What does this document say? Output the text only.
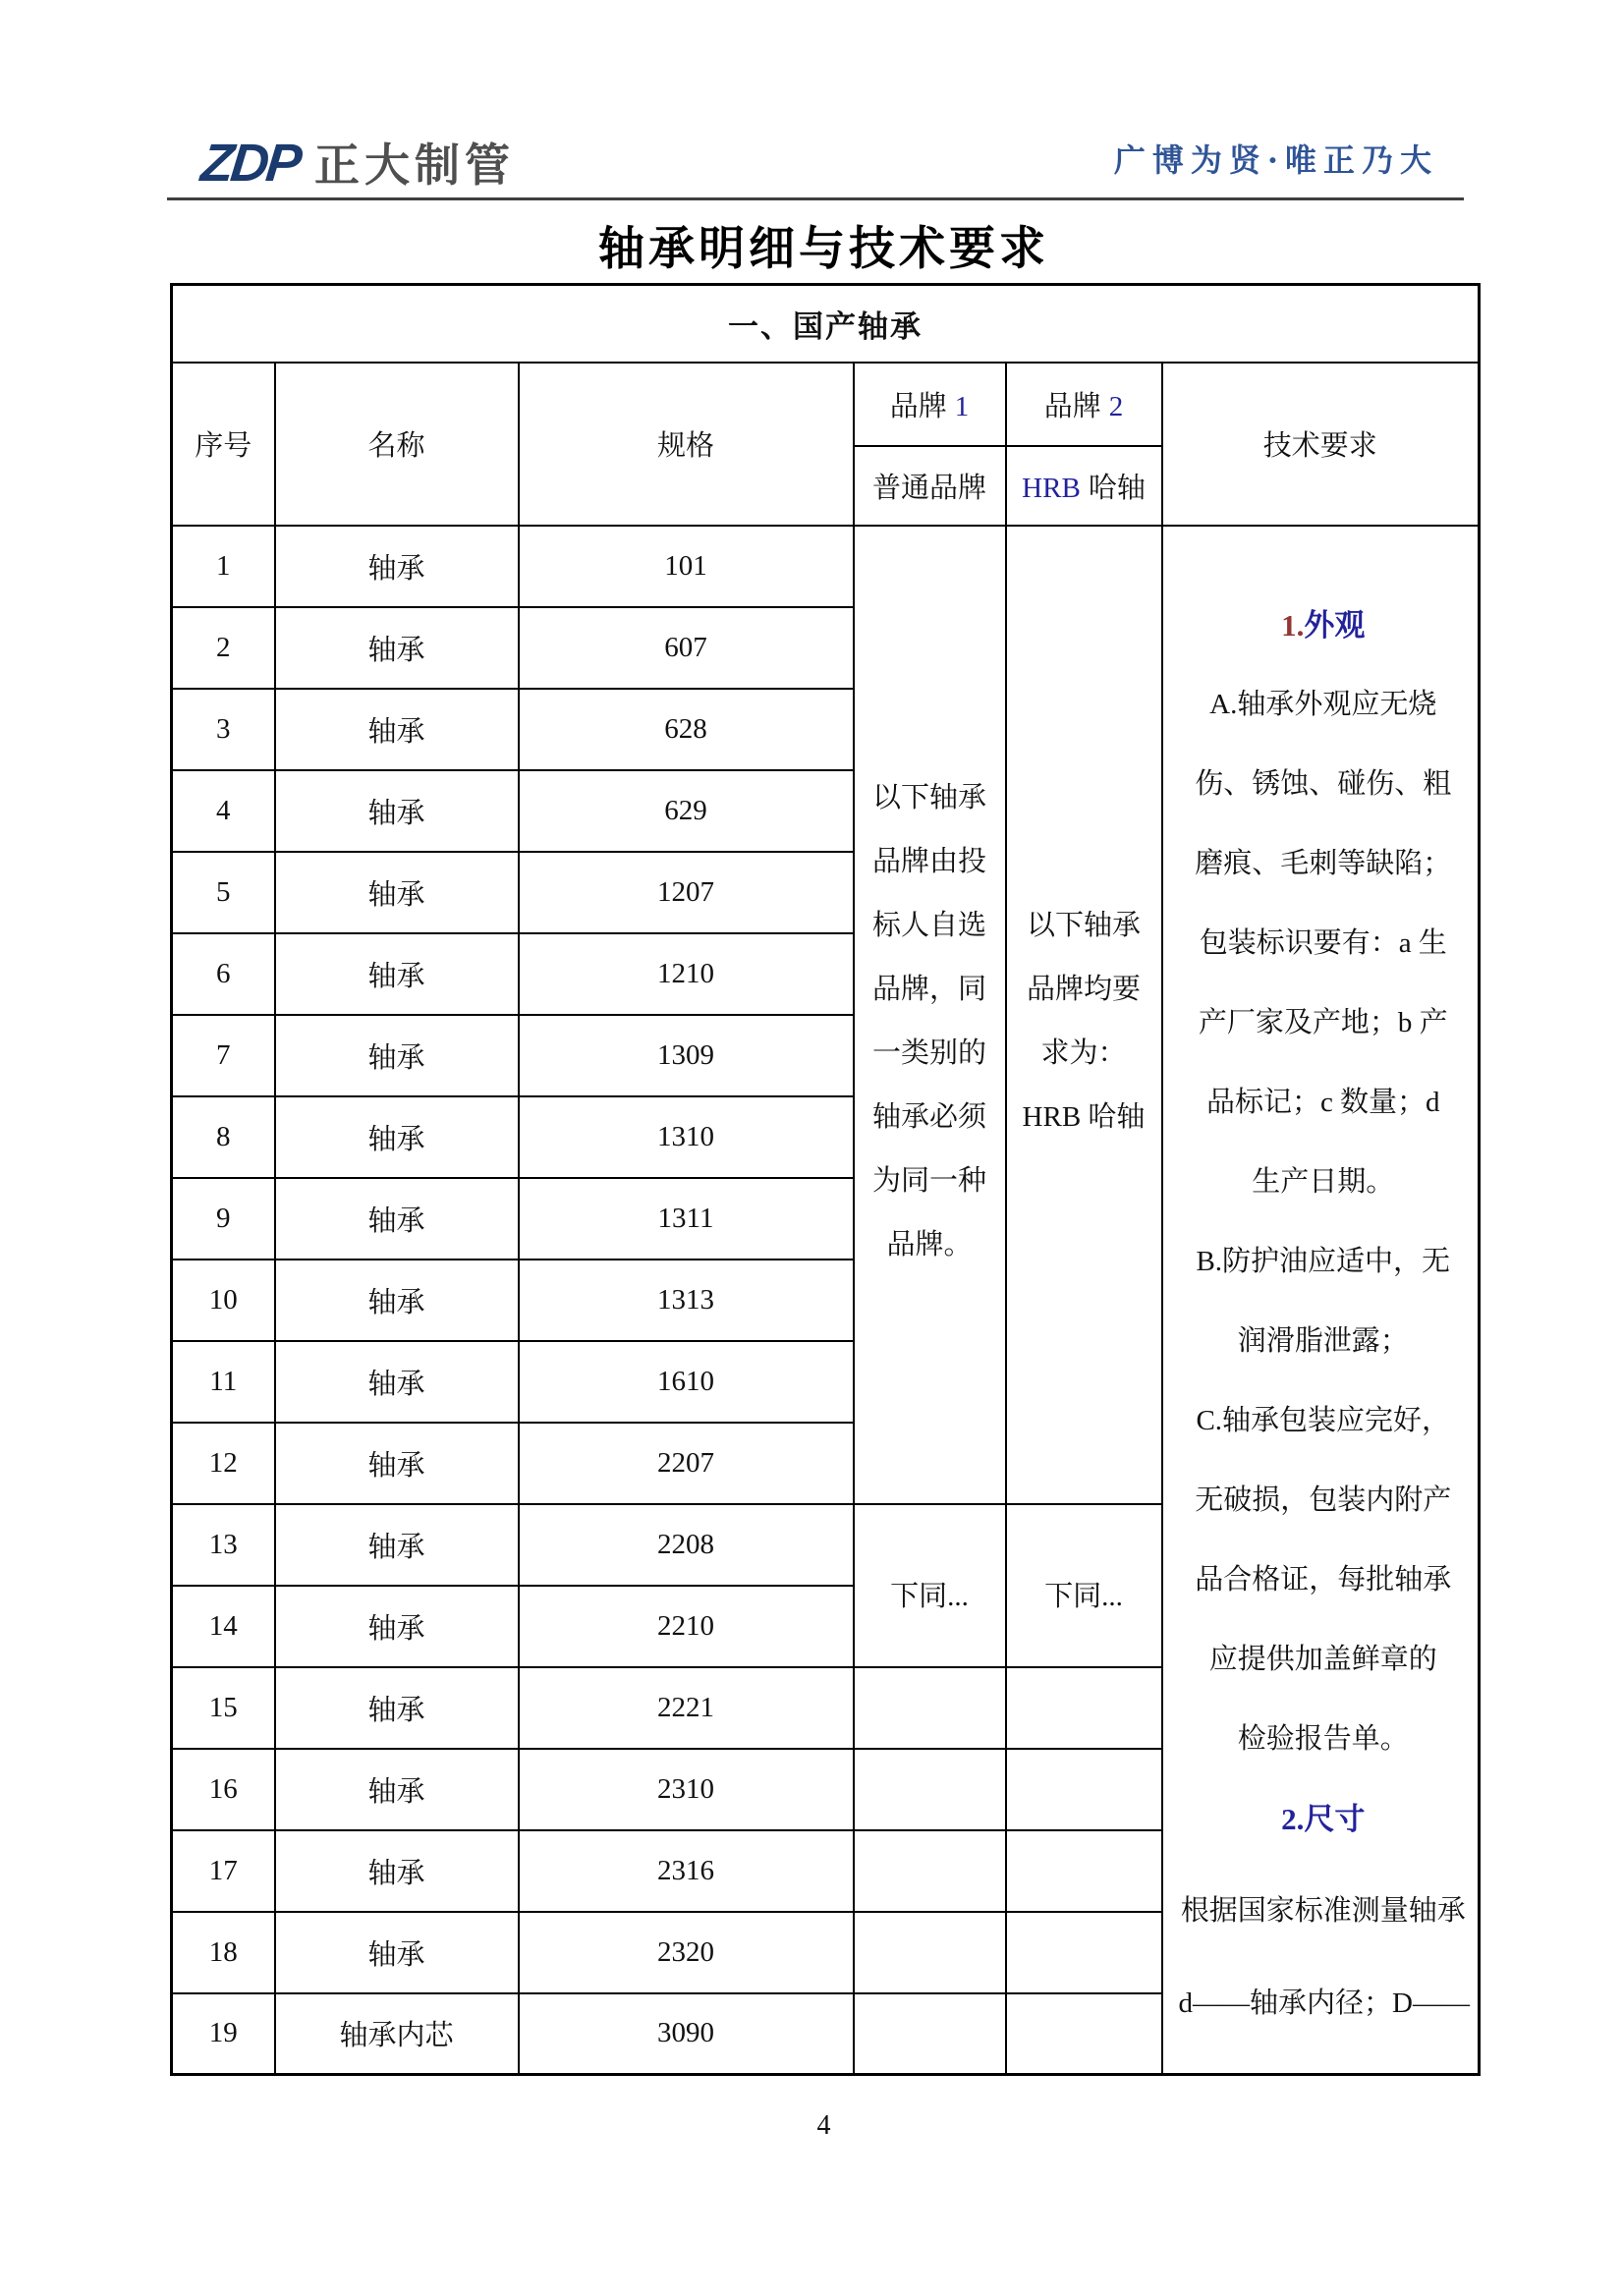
ZDP 正大制管	广博为贤·唯正乃大
轴承明细与技术要求
一、国产轴承					
序号	名称	规格	品牌 1	品牌 2	技术要求
			普通品牌	HRB 哈轴	
1	轴承	101	
以下轴承
品牌由投
标人自选
品牌，同
一类别的
轴承必须
为同一种
品牌。

以下轴承
品牌均要
求为：
HRB 哈轴

1.外观
A.轴承外观应无烧
伤、锈蚀、碰伤、粗
磨痕、毛刺等缺陷；
包装标识要有：a 生
产厂家及产地；b 产
品标记；c 数量；d
生产日期。
B.防护油应适中，无
润滑脂泄露；
C.轴承包装应完好，
无破损，包装内附产
品合格证，每批轴承
应提供加盖鲜章的
检验报告单。
2.尺寸
根据国家标准测量轴承
d——轴承内径；D——

2	轴承	607			
3	轴承	628			
4	轴承	629			
5	轴承	1207			
6	轴承	1210			
7	轴承	1309			
8	轴承	1310			
9	轴承	1311			
10	轴承	1313			
11	轴承	1610			
12	轴承	2207			
13	轴承	2208	下同...	下同...	
14	轴承	2210			
15	轴承	2221			
16	轴承	2310			
17	轴承	2316			
18	轴承	2320			
19	轴承内芯	3090			
4
